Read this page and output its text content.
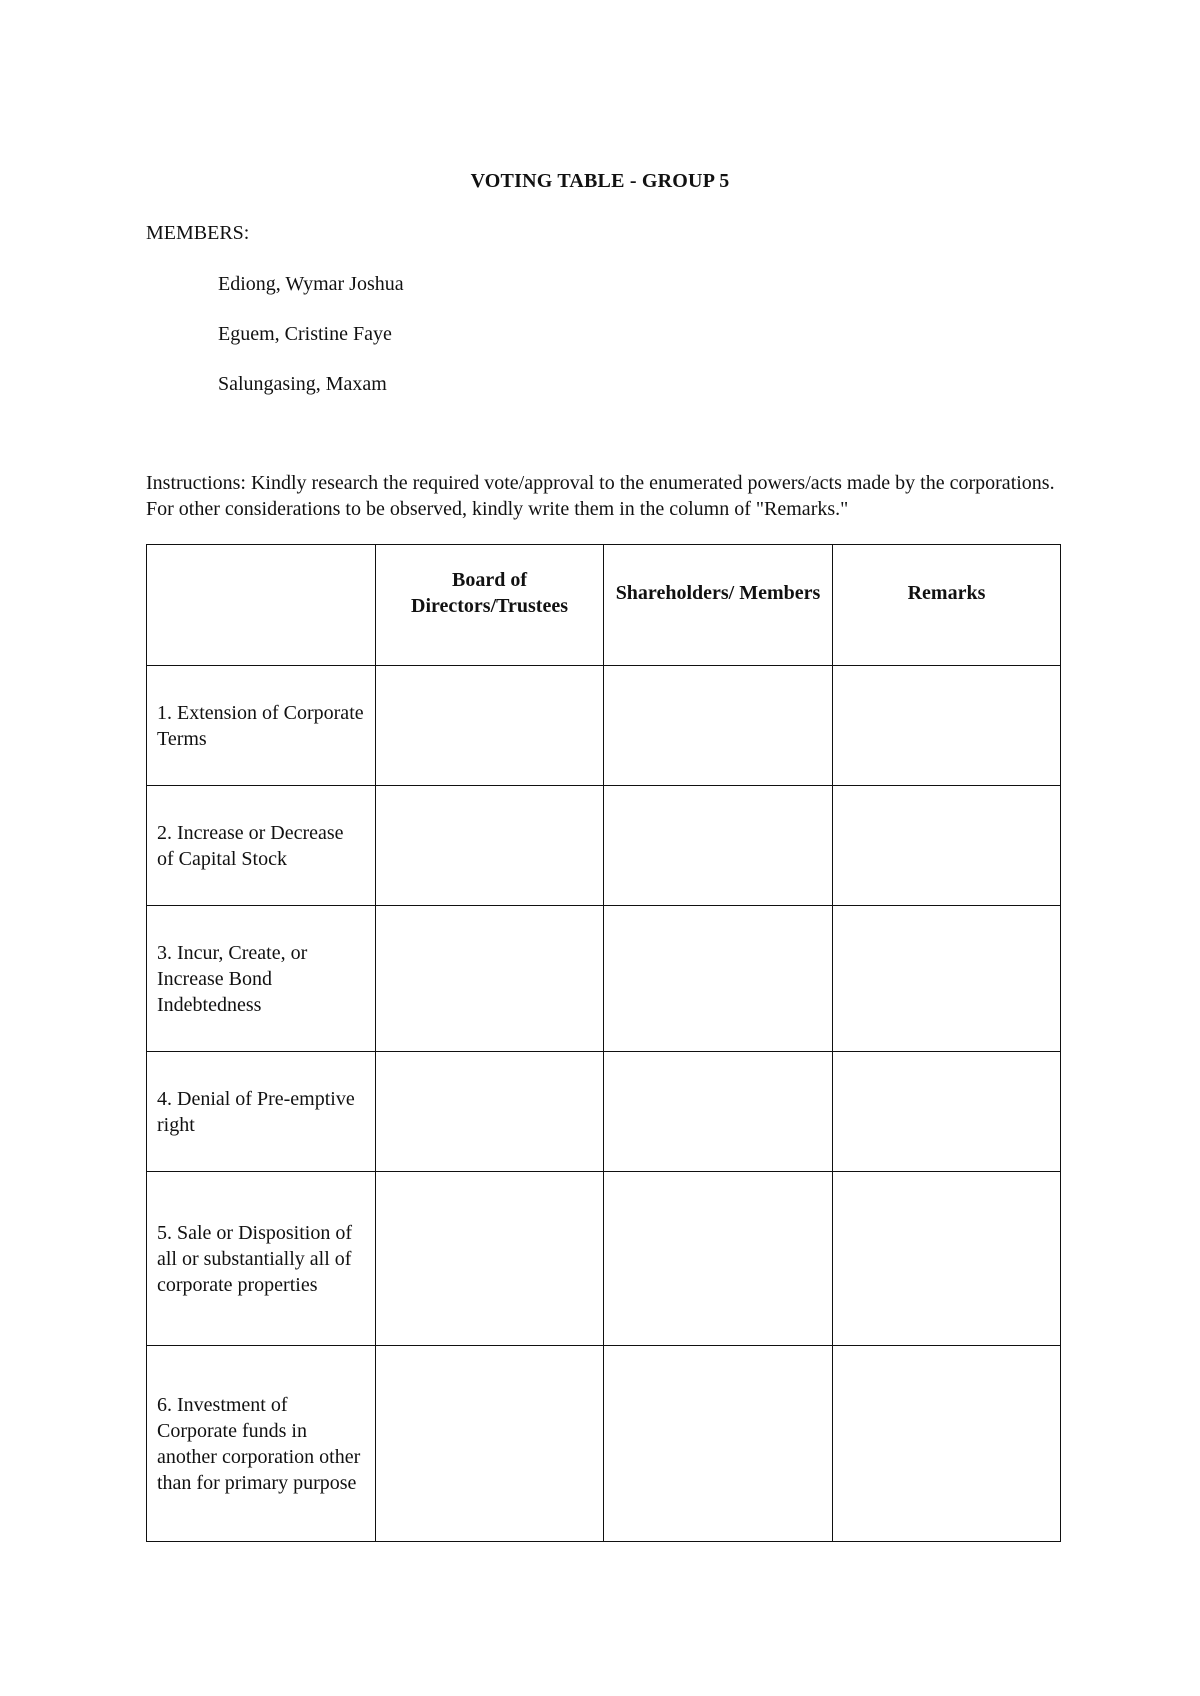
VOTING TABLE - GROUP 5
MEMBERS:
Ediong, Wymar Joshua
Eguem, Cristine Faye
Salungasing, Maxam
Instructions: Kindly research the required vote/approval to the enumerated powers/acts made by the corporations. For other considerations to be observed, kindly write them in the column of "Remarks."

	Board of Directors/Trustees	Shareholders/ Members	Remarks

1. Extension of Corporate Terms			
2. Increase or Decrease of Capital Stock			
3. Incur, Create, or Increase Bond Indebtedness			
4. Denial of Pre-emptive right			
5. Sale or Disposition of all or substantially all of corporate properties			
6. Investment of Corporate funds in another corporation other than for primary purpose			
